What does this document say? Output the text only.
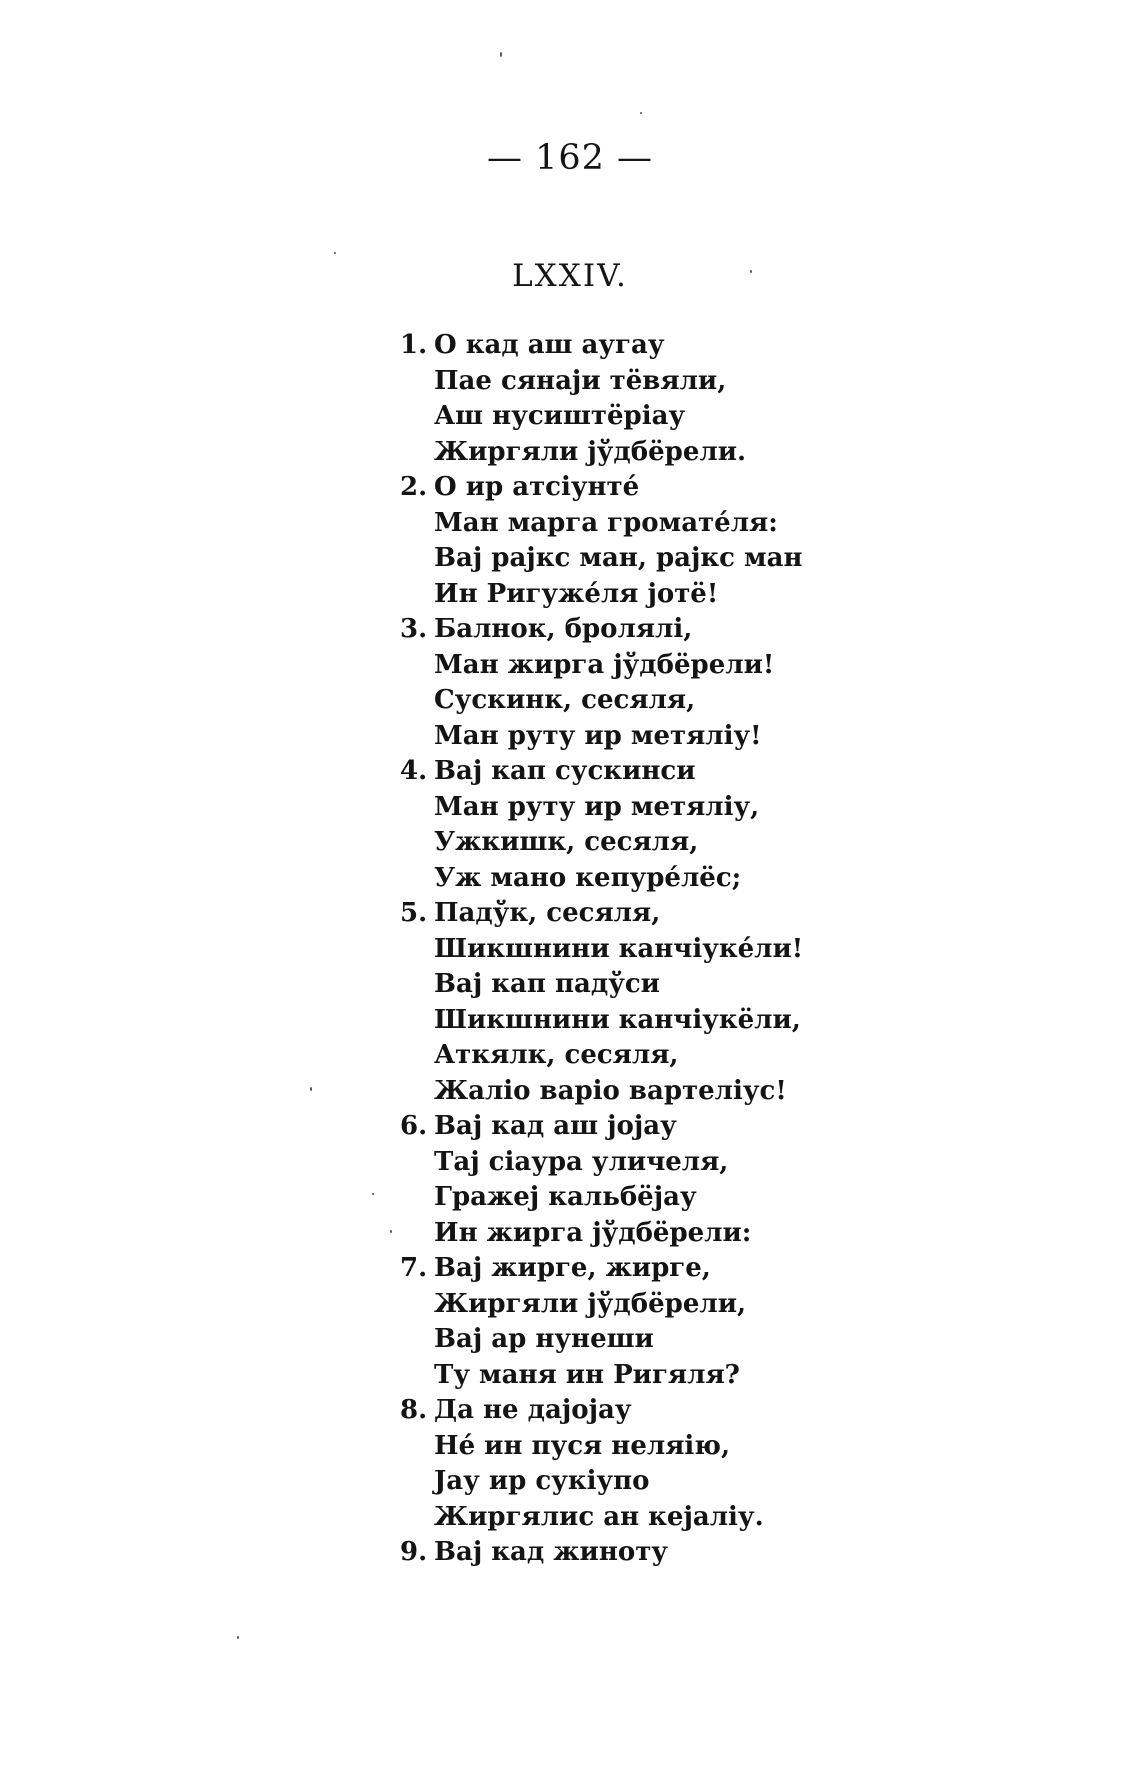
— 162 —
LXXIV.
1. О кад аш аугау
Пае сянаји тёвяли,
Аш нусиштёріау
Жиргяли јўдбёрели.
2. О ир атсіунтé
Ман марга громатéля:
Вај рајкс ман, рајкс ман
Ин Ригужéля јотё!
3. Балнок, бролялi,
Ман жирга јўдбёрели!
Сускинк, сесяля,
Ман руту ир метялiу!
4. Вај кап сускинси
Ман руту ир метялiу,
Ужкишк, сесяля,
Уж мано кепурéлёс;
5. Падўк, сесяля,
Шикшнини канчіукéли!
Вај кап падўси
Шикшнини канчіукёли,
Аткялк, сесяля,
Жалiо варiо вартелiус!
6. Вај кад аш јојау
Тај сіаура уличеля,
Гражеј кальбёјау
Ин жирга јўдбёрели:
7. Вај жирге, жирге,
Жиргяли јўдбёрели,
Вај ар нунеши
Ту маня ин Ригяля?
8. Да не дајојау
Нé ин пуся неляiю,
Јау ир сукiупо
Жиргялис ан кејалiу.
9. Вај кад жиноту
